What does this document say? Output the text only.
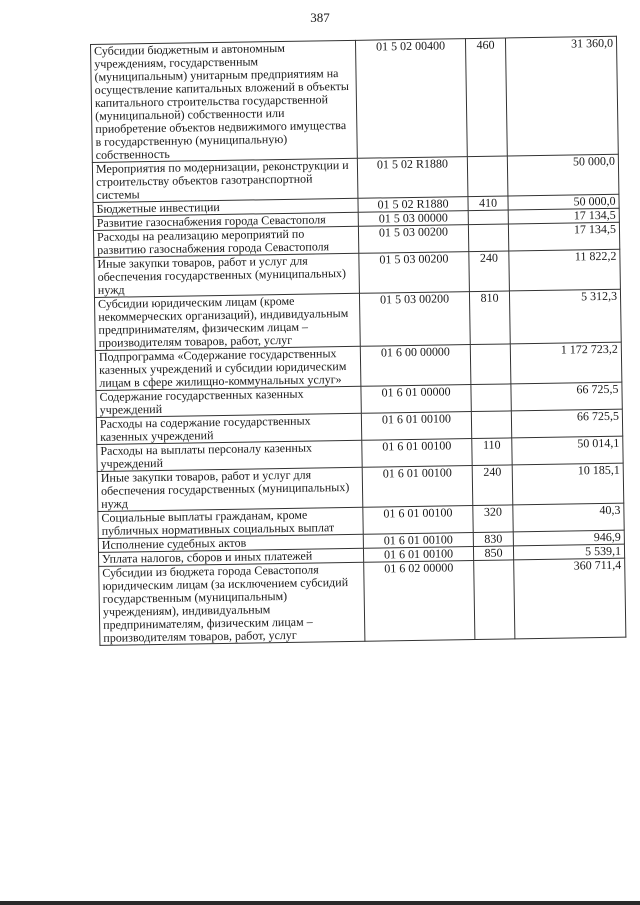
387
Субсидии бюджетным и автономным учреждениям, государственным (муниципальным) унитарным предприятиям на осуществление капитальных вложений в объекты капитального строительства государственной (муниципальной) собственности или приобретение объектов недвижимого имущества в государственную (муниципальную) собственность	01 5 02 00400	460	31 360,0
Мероприятия по модернизации, реконструкции и строительству объектов газотранспортной системы	01 5 02 R1880		50 000,0
Бюджетные инвестиции	01 5 02 R1880	410	50 000,0
Развитие газоснабжения города Севастополя	01 5 03 00000		17 134,5
Расходы на реализацию мероприятий по развитию газоснабжения города Севастополя	01 5 03 00200		17 134,5
Иные закупки товаров, работ и услуг для обеспечения государственных (муниципальных) нужд	01 5 03 00200	240	11 822,2
Субсидии юридическим лицам (кроме некоммерческих организаций), индивидуальным предпринимателям, физическим лицам – производителям товаров, работ, услуг	01 5 03 00200	810	5 312,3
Подпрограмма «Содержание государственных казенных учреждений и субсидии юридическим лицам в сфере жилищно-коммунальных услуг»	01 6 00 00000		1 172 723,2
Содержание государственных казенных учреждений	01 6 01 00000		66 725,5
Расходы на содержание государственных казенных учреждений	01 6 01 00100		66 725,5
Расходы на выплаты персоналу казенных учреждений	01 6 01 00100	110	50 014,1
Иные закупки товаров, работ и услуг для обеспечения государственных (муниципальных) нужд	01 6 01 00100	240	10 185,1
Социальные выплаты гражданам, кроме публичных нормативных социальных выплат	01 6 01 00100	320	40,3
Исполнение судебных актов	01 6 01 00100	830	946,9
Уплата налогов, сборов и иных платежей	01 6 01 00100	850	5 539,1
Субсидии из бюджета города Севастополя юридическим лицам (за исключением субсидий государственным (муниципальным) учреждениям), индивидуальным предпринимателям, физическим лицам – производителям товаров, работ, услуг	01 6 02 00000		360 711,4
